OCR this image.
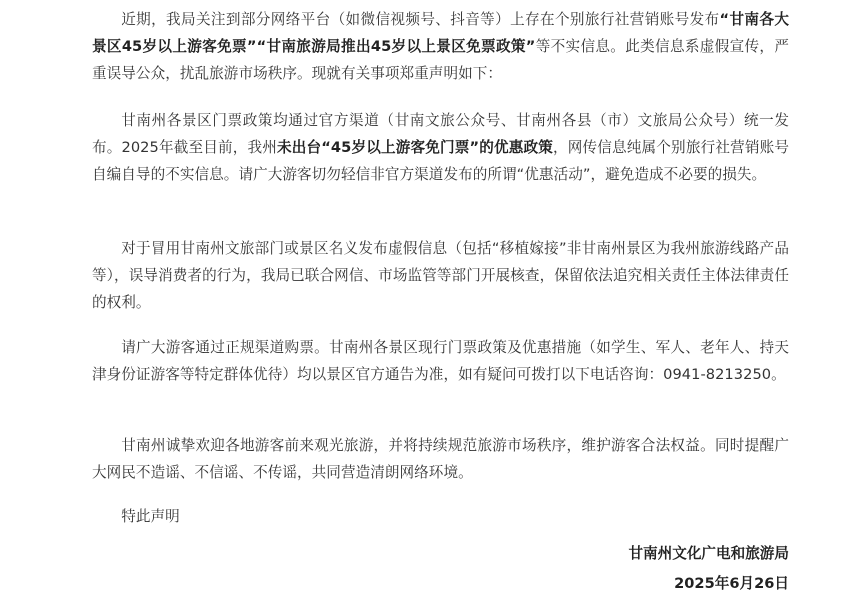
近期，我局关注到部分网络平台（如微信视频号、抖音等）上存在个别旅行社营销账号发布“甘南各大景区45岁以上游客免票”“甘南旅游局推出45岁以上景区免票政策”等不实信息。此类信息系虚假宣传，严重误导公众，扰乱旅游市场秩序。现就有关事项郑重声明如下：

甘南州各景区门票政策均通过官方渠道（甘南文旅公众号、甘南州各县（市）文旅局公众号）统一发布。2025年截至目前，我州未出台“45岁以上游客免门票”的优惠政策，网传信息纯属个别旅行社营销账号自编自导的不实信息。请广大游客切勿轻信非官方渠道发布的所谓“优惠活动”，避免造成不必要的损失。

对于冒用甘南州文旅部门或景区名义发布虚假信息（包括“移植嫁接”非甘南州景区为我州旅游线路产品等），误导消费者的行为，我局已联合网信、市场监管等部门开展核查，保留依法追究相关责任主体法律责任的权利。

请广大游客通过正规渠道购票。甘南州各景区现行门票政策及优惠措施（如学生、军人、老年人、持天津身份证游客等特定群体优待）均以景区官方通告为准，如有疑问可拨打以下电话咨询：0941-8213250。

甘南州诚挚欢迎各地游客前来观光旅游，并将持续规范旅游市场秩序，维护游客合法权益。同时提醒广大网民不造谣、不信谣、不传谣，共同营造清朗网络环境。

特此声明

甘南州文化广电和旅游局
2025年6月26日
